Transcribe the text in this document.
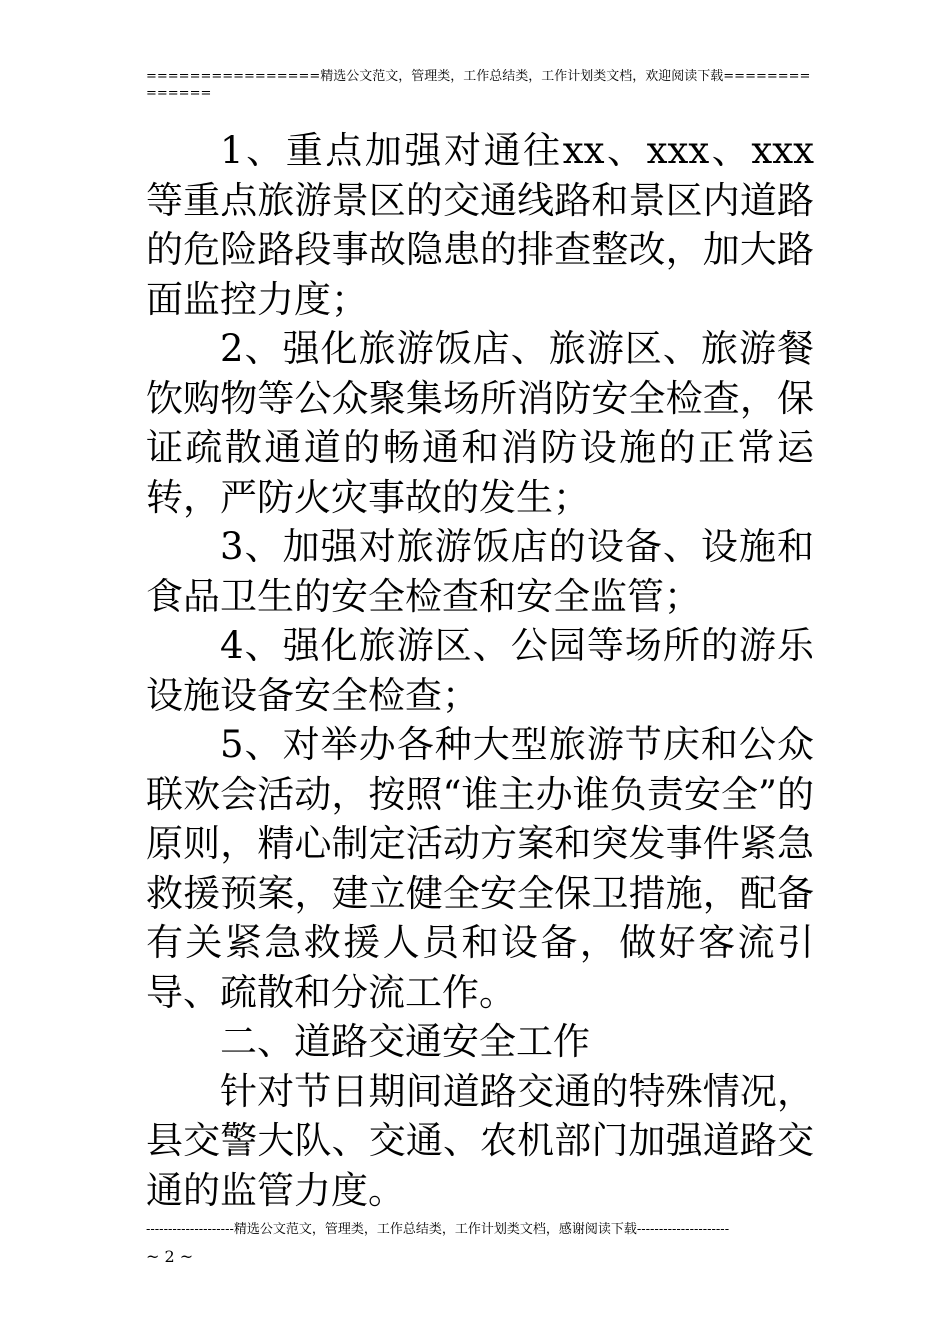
================精选公文范文，管理类，工作总结类，工作计划类文档，欢迎阅读下载==============

1、重点加强对通往xx、xxx、xxx等重点旅游景区的交通线路和景区内道路的危险路段事故隐患的排查整改，加大路面监控力度；

2、强化旅游饭店、旅游区、旅游餐饮购物等公众聚集场所消防安全检查，保证疏散通道的畅通和消防设施的正常运转，严防火灾事故的发生；

3、加强对旅游饭店的设备、设施和食品卫生的安全检查和安全监管；

4、强化旅游区、公园等场所的游乐设施设备安全检查；

5、对举办各种大型旅游节庆和公众联欢会活动，按照“谁主办谁负责安全”的原则，精心制定活动方案和突发事件紧急救援预案，建立健全安全保卫措施，配备有关紧急救援人员和设备，做好客流引导、疏散和分流工作。

二、道路交通安全工作

针对节日期间道路交通的特殊情况，县交警大队、交通、农机部门加强道路交通的监管力度。

--------------------精选公文范文，管理类，工作总结类，工作计划类文档，感谢阅读下载---------------------
~ 2 ~
